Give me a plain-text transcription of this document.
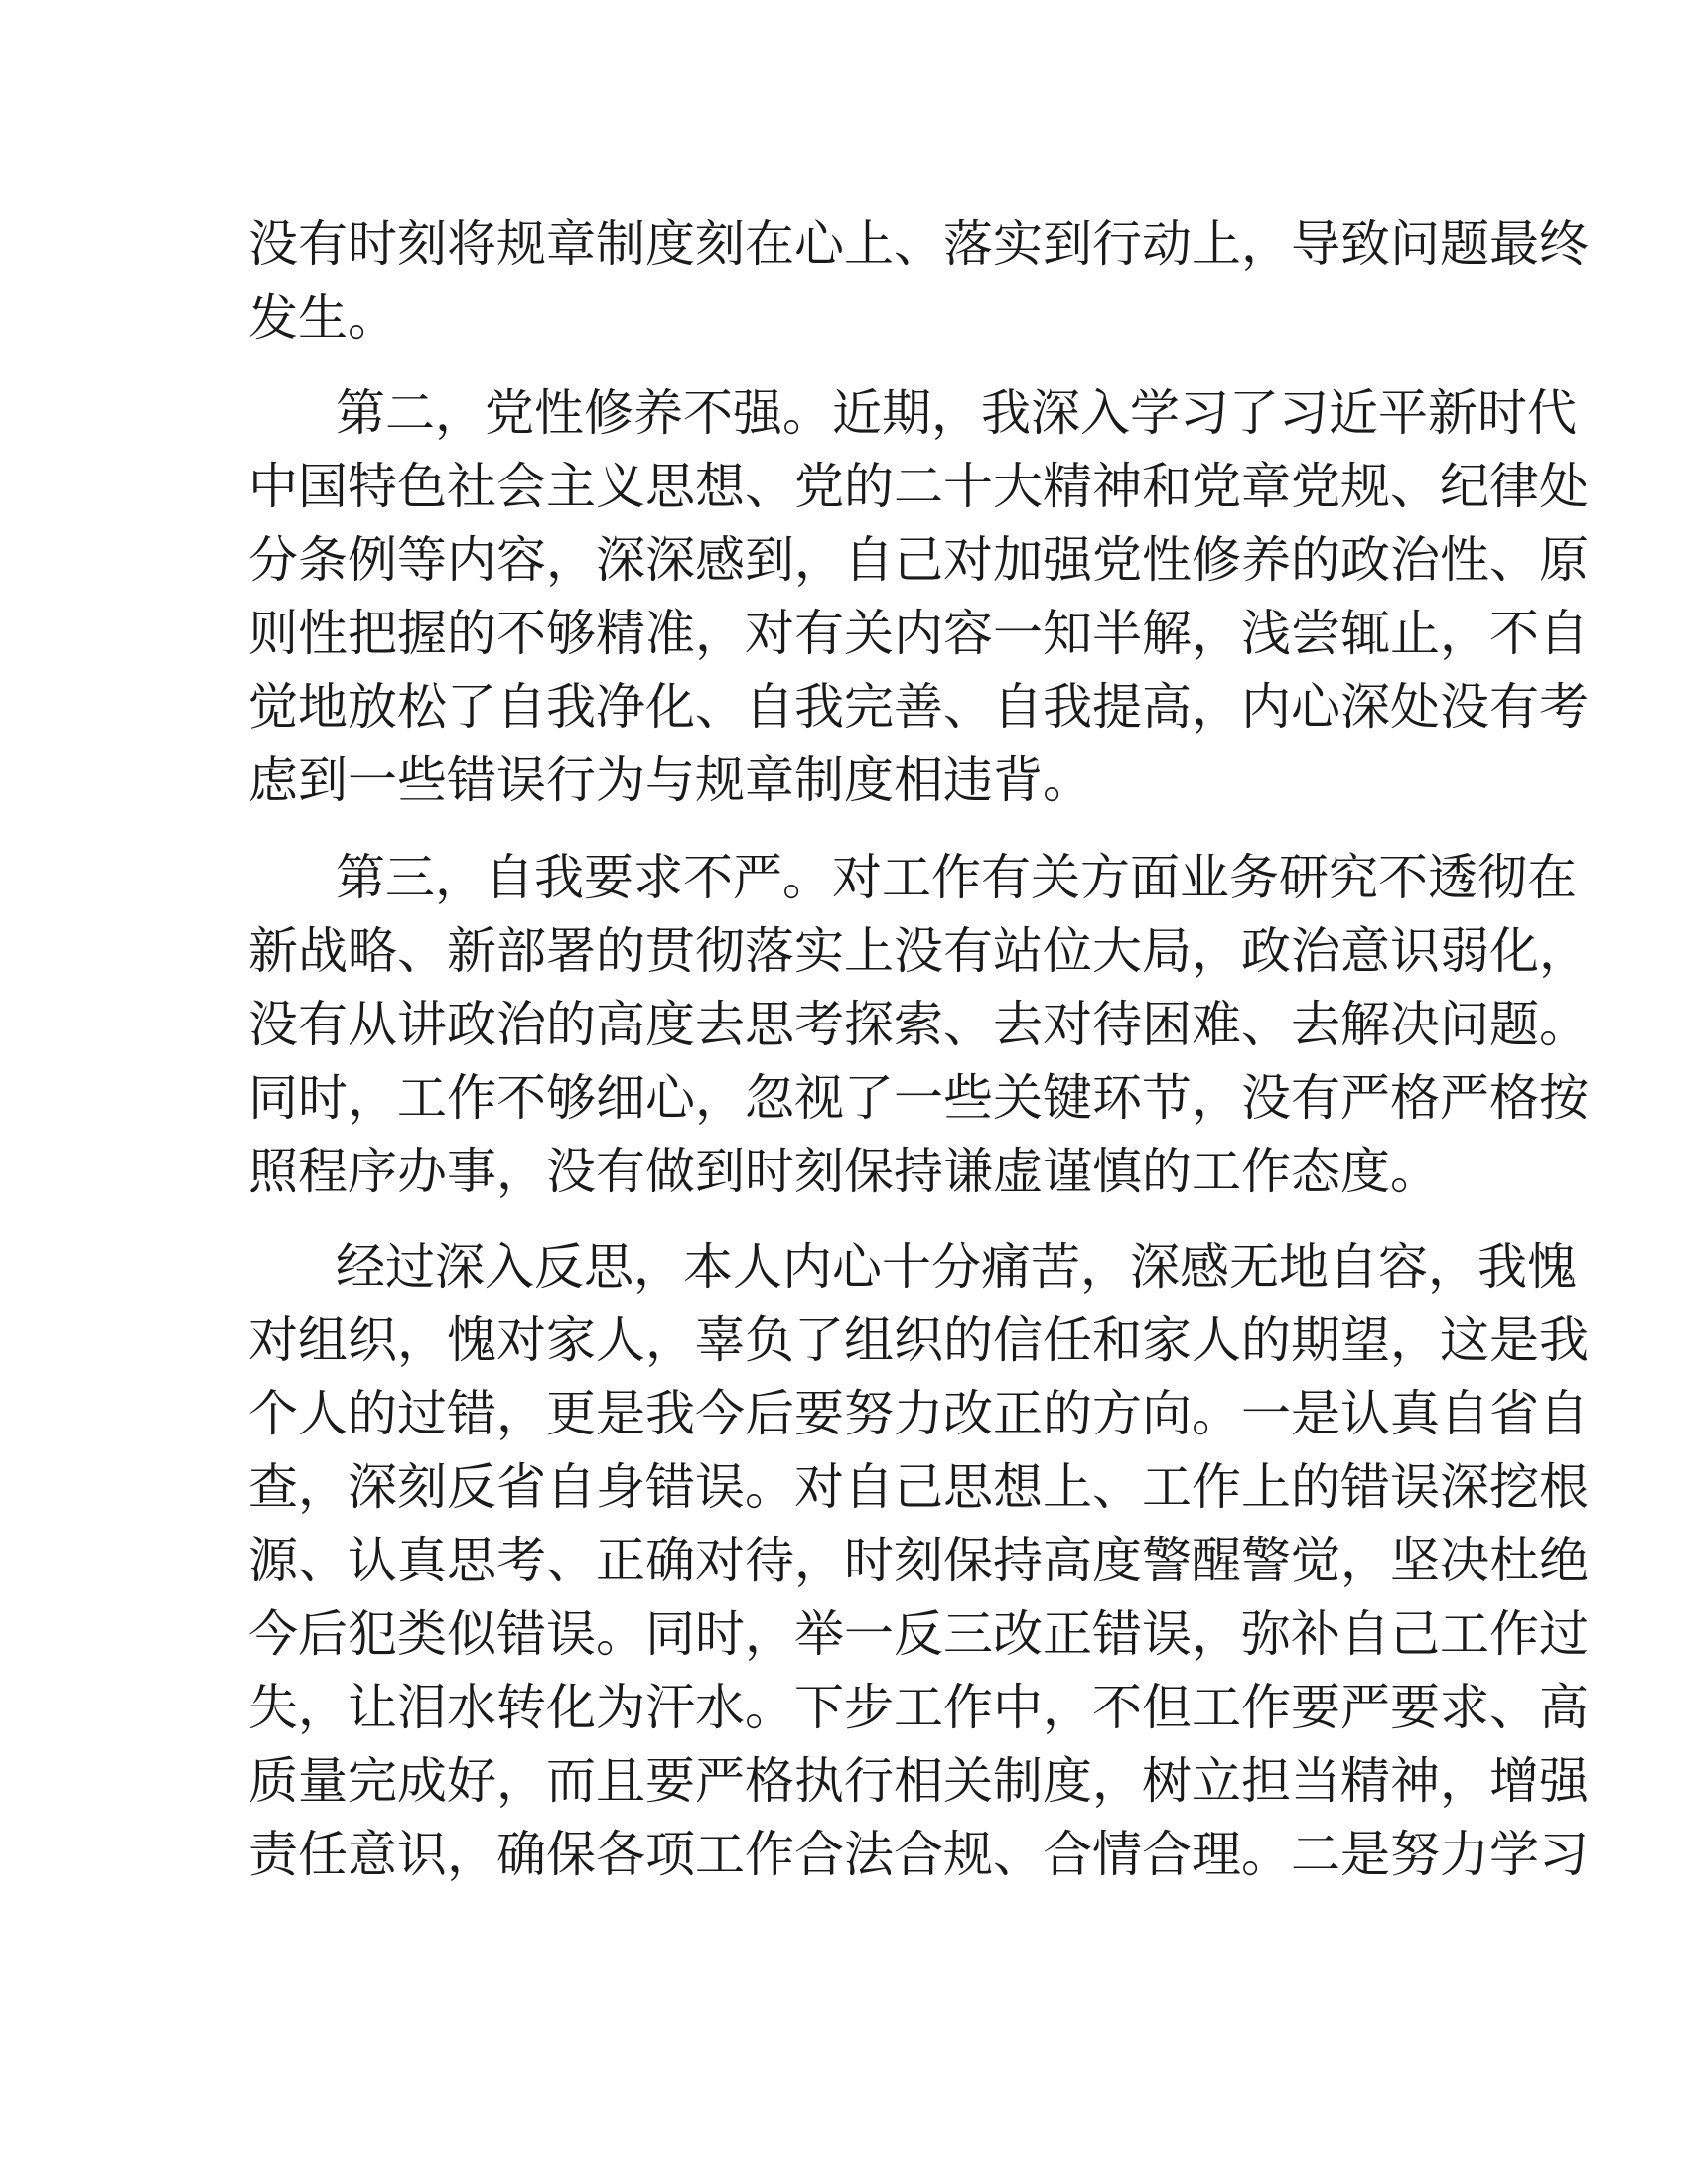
没有时刻将规章制度刻在心上、落实到行动上，导致问题最终
发生。
第二，党性修养不强。近期，我深入学习了习近平新时代
中国特色社会主义思想、党的二十大精神和党章党规、纪律处
分条例等内容，深深感到，自己对加强党性修养的政治性、原
则性把握的不够精准，对有关内容一知半解，浅尝辄止，不自
觉地放松了自我净化、自我完善、自我提高，内心深处没有考
虑到一些错误行为与规章制度相违背。
第三，自我要求不严。对工作有关方面业务研究不透彻在
新战略、新部署的贯彻落实上没有站位大局，政治意识弱化，
没有从讲政治的高度去思考探索、去对待困难、去解决问题。
同时，工作不够细心，忽视了一些关键环节，没有严格严格按
照程序办事，没有做到时刻保持谦虚谨慎的工作态度。
经过深入反思，本人内心十分痛苦，深感无地自容，我愧
对组织，愧对家人，辜负了组织的信任和家人的期望，这是我
个人的过错，更是我今后要努力改正的方向。一是认真自省自
查，深刻反省自身错误。对自己思想上、工作上的错误深挖根
源、认真思考、正确对待，时刻保持高度警醒警觉，坚决杜绝
今后犯类似错误。同时，举一反三改正错误，弥补自己工作过
失，让泪水转化为汗水。下步工作中，不但工作要严要求、高
质量完成好，而且要严格执行相关制度，树立担当精神，增强
责任意识，确保各项工作合法合规、合情合理。二是努力学习
